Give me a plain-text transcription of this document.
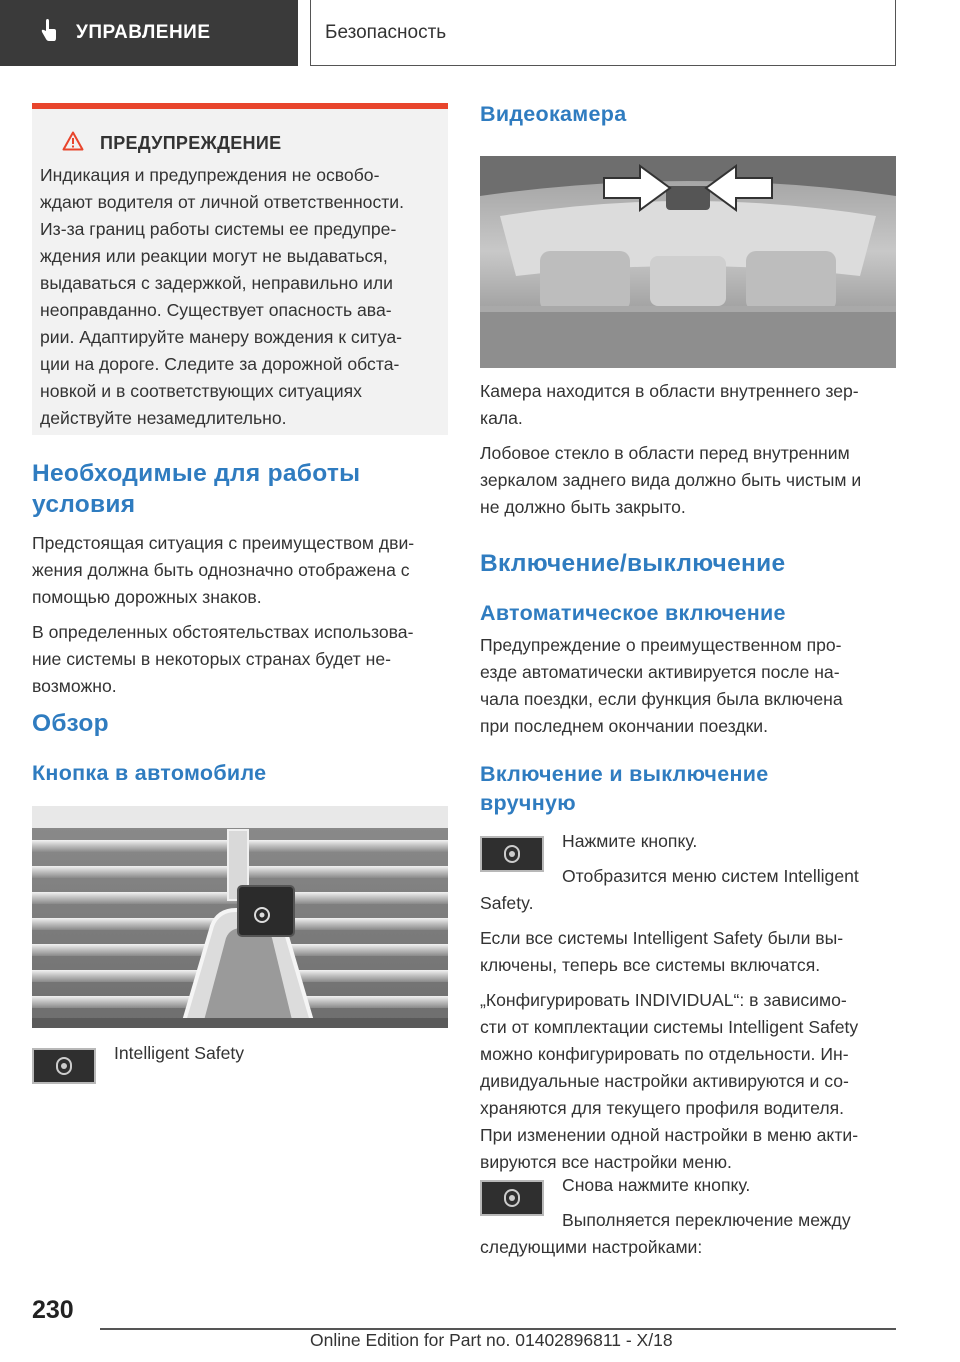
УПРАВЛЕНИЕ	Безопасность
ПРЕДУПРЕЖДЕНИЕ

Индикация и предупреждения не освобо-
ждают водителя от личной ответственности.
Из-за границ работы системы ее предупре-
ждения или реакции могут не выдаваться,
выдаваться с задержкой, неправильно или
неоправданно. Существует опасность ава-
рии. Адаптируйте манеру вождения к ситуа-
ции на дороге. Следите за дорожной обста-
новкой и в соответствующих ситуациях
действуйте незамедлительно.

Необходимые для работы
условия

Предстоящая ситуация с преимуществом дви-
жения должна быть однозначно отображена с
помощью дорожных знаков.

В определенных обстоятельствах использова-
ние системы в некоторых странах будет не-
возможно.

Обзор
Кнопка в автомобиле

Intelligent Safety

Видеокамера

Камера находится в области внутреннего зер-
кала.

Лобовое стекло в области перед внутренним
зеркалом заднего вида должно быть чистым и
не должно быть закрыто.

Включение/выключение
Автоматическое включение

Предупреждение о преимущественном про-
езде автоматически активируется после на-
чала поездки, если функция была включена
при последнем окончании поездки.

Включение и выключение
вручную

Нажмите кнопку.

Отобразится меню систем Intelligent

Safety.

Если все системы Intelligent Safety были вы-
ключены, теперь все системы включатся.

„Конфигурировать INDIVIDUAL“: в зависимо-
сти от комплектации системы Intelligent Safety
можно конфигурировать по отдельности. Ин-
дивидуальные настройки активируются и со-
храняются для текущего профиля водителя.
При изменении одной настройки в меню акти-
вируются все настройки меню.

Снова нажмите кнопку.

Выполняется переключение между

следующими настройками:

230
Online Edition for Part no. 01402896811 - X/18
